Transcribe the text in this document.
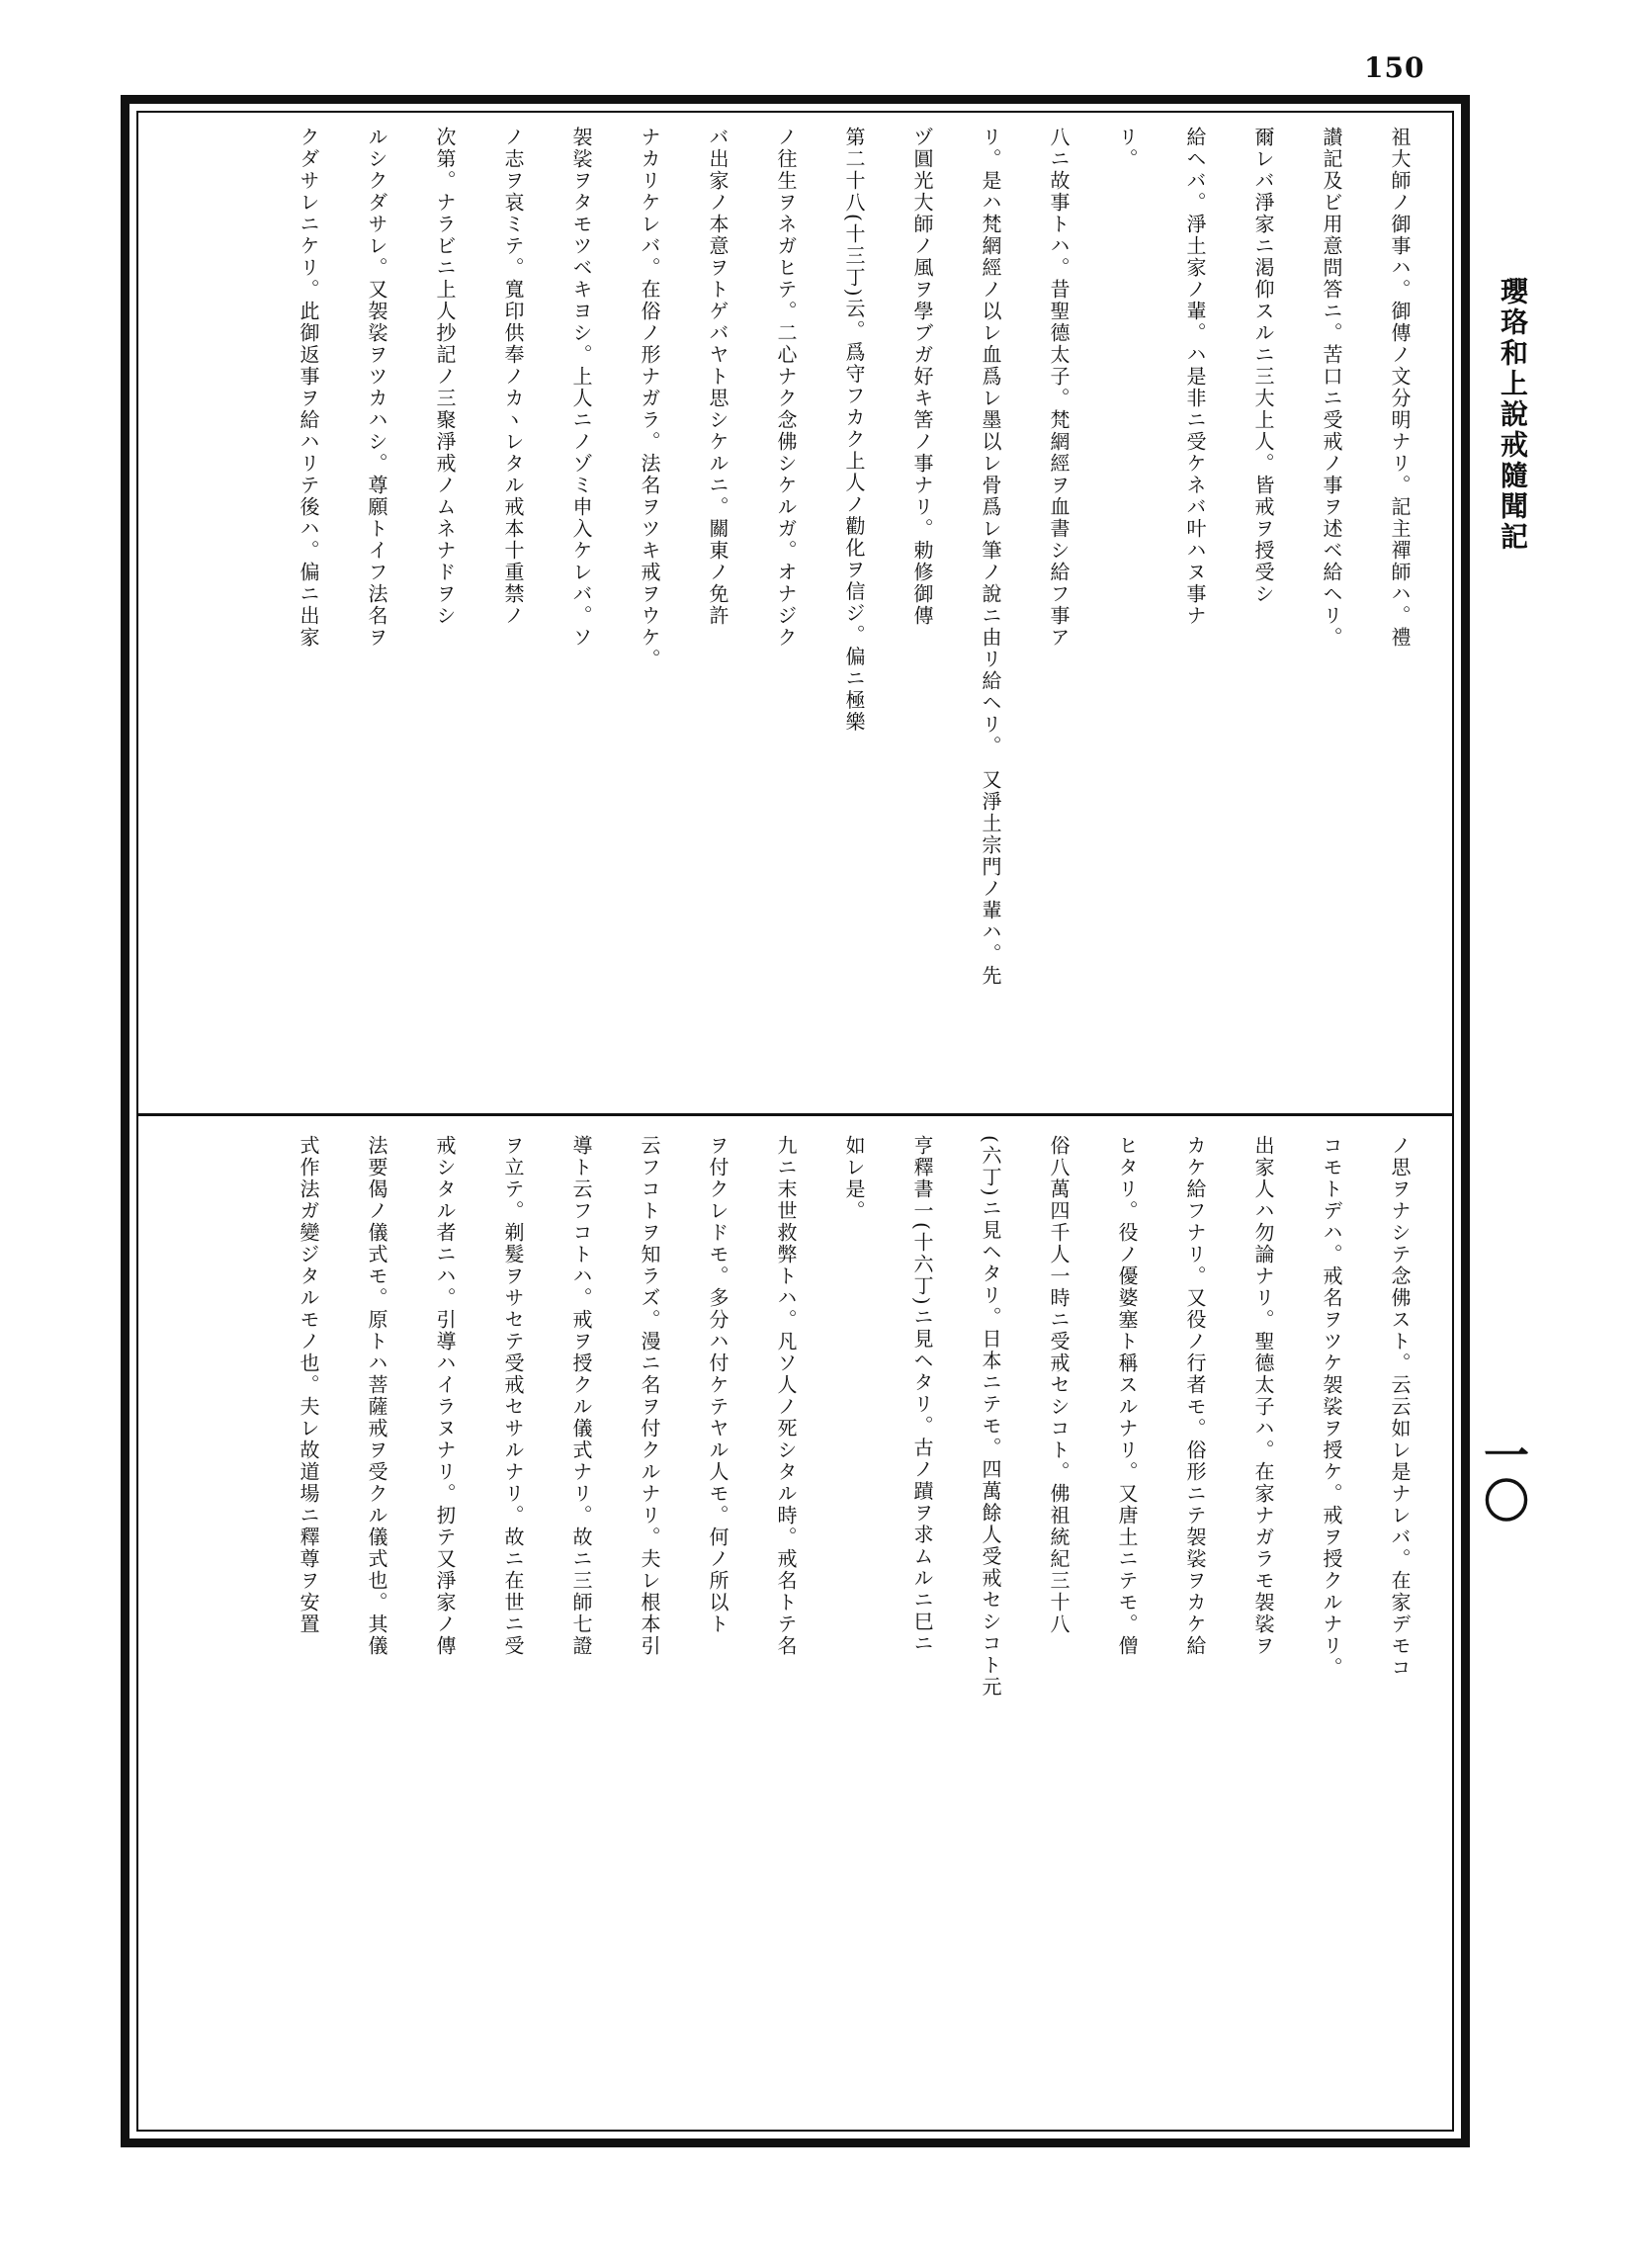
150
瓔珞和上說戒隨聞記
一〇
祖大師ノ御事ハ。御傳ノ文分明ナリ。記主禪師ハ。禮
讃記及ビ用意問答ニ。苦口ニ受戒ノ事ヲ述ベ給ヘリ。
爾レバ淨家ニ渇仰スルニ三大上人。皆戒ヲ授受シ
給ヘバ。淨土家ノ輩。ハ是非ニ受ケネバ叶ハヌ事ナ
リ。
八ニ故事トハ。昔聖德太子。梵網經ヲ血書シ給フ事ア
リ。是ハ梵網經ノ以レ血爲レ墨以レ骨爲レ筆ノ說ニ由リ給ヘリ。　又淨土宗門ノ輩ハ。先
ヅ圓光大師ノ風ヲ學ブガ好キ筈ノ事ナリ。勅修御傳
第二十八(十三丁)云。爲守フカク上人ノ勸化ヲ信ジ。偏ニ極樂
ノ往生ヲネガヒテ。二心ナク念佛シケルガ。オナジク
バ出家ノ本意ヲトゲバヤト思シケルニ。關東ノ免許
ナカリケレバ。在俗ノ形ナガラ。法名ヲツキ戒ヲウケ。
袈裟ヲタモツベキヨシ。上人ニノゾミ申入ケレバ。ソ
ノ志ヲ哀ミテ。寬印供奉ノカヽレタル戒本十重禁ノ
次第。ナラビニ上人抄記ノ三聚淨戒ノムネナドヲシ
ルシクダサレ。又袈裟ヲツカハシ。尊願トイフ法名ヲ
クダサレニケリ。此御返事ヲ給ハリテ後ハ。偏ニ出家
ノ思ヲナシテ念佛スト。云云如レ是ナレバ。在家デモコ
コモトデハ。戒名ヲツケ袈裟ヲ授ケ。戒ヲ授クルナリ。
出家人ハ勿論ナリ。聖德太子ハ。在家ナガラモ袈裟ヲ
カケ給フナリ。又役ノ行者モ。俗形ニテ袈裟ヲカケ給
ヒタリ。役ノ優婆塞ト稱スルナリ。又唐土ニテモ。僧
俗八萬四千人一時ニ受戒セシコト。佛祖統紀三十八
(六丁)ニ見ヘタリ。日本ニテモ。四萬餘人受戒セシコト元
亨釋書一(十六丁)ニ見ヘタリ。古ノ蹟ヲ求ムルニ巳ニ
如レ是。
九ニ末世救弊トハ。凡ソ人ノ死シタル時。戒名トテ名
ヲ付クレドモ。多分ハ付ケテヤル人モ。何ノ所以ト
云フコトヲ知ラズ。漫ニ名ヲ付クルナリ。夫レ根本引
導ト云フコトハ。戒ヲ授クル儀式ナリ。故ニ三師七證
ヲ立テ。剃髮ヲサセテ受戒セサルナリ。故ニ在世ニ受
戒シタル者ニハ。引導ハイラヌナリ。扨テ又淨家ノ傳
法要偈ノ儀式モ。原トハ菩薩戒ヲ受クル儀式也。其儀
式作法ガ變ジタルモノ也。夫レ故道場ニ釋尊ヲ安置
